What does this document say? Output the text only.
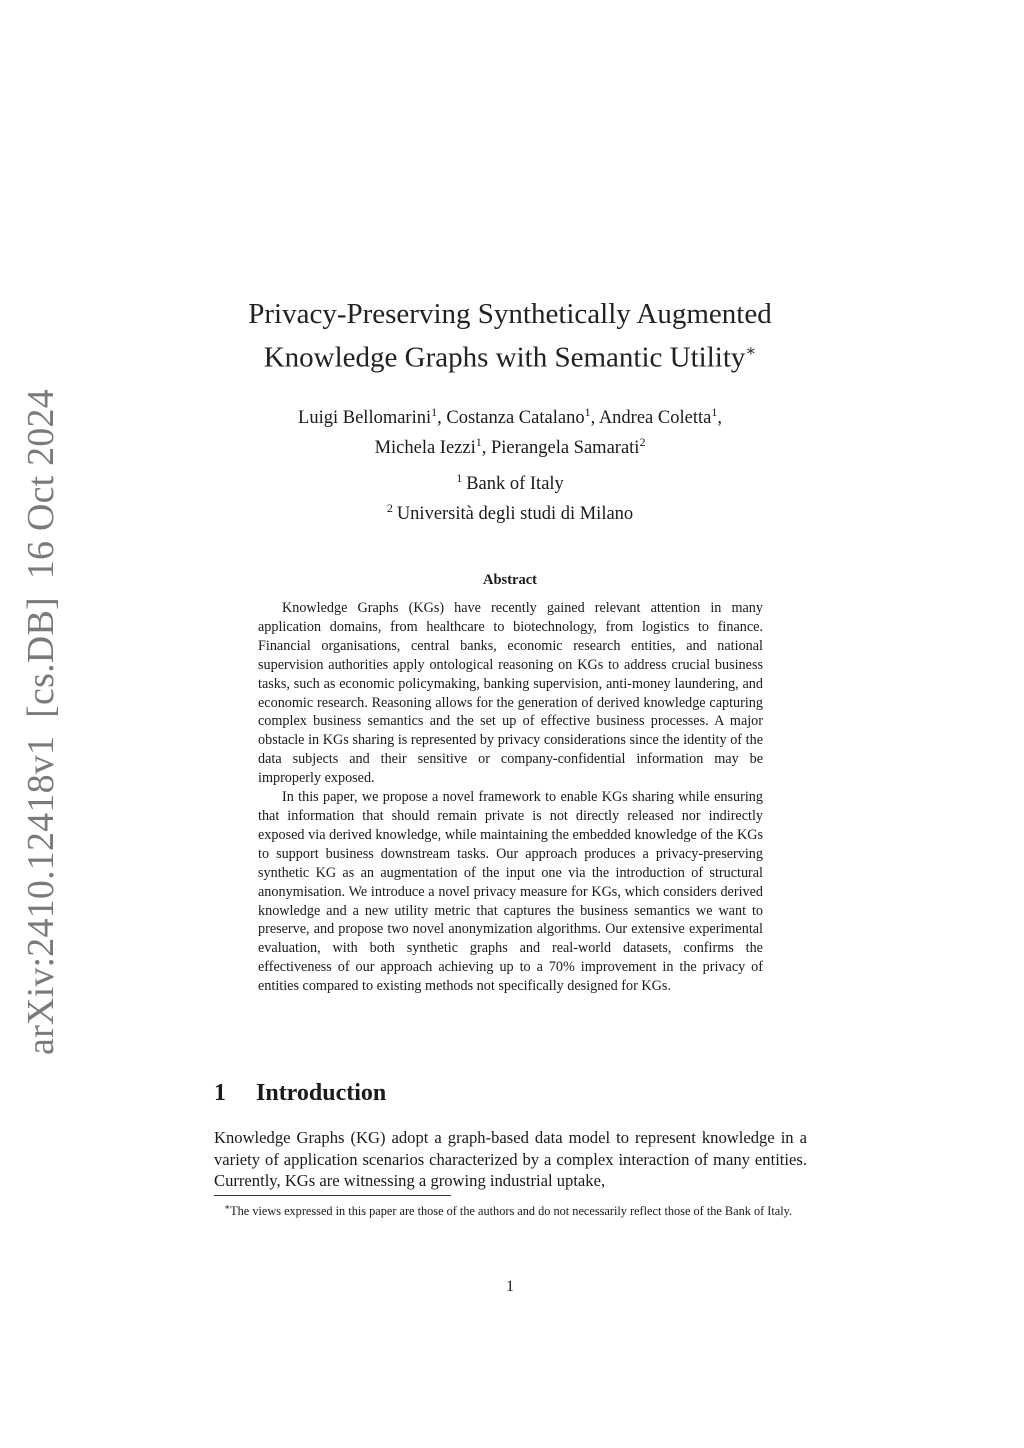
arXiv:2410.12418v1[cs.DB]16 Oct 2024
Privacy-Preserving Synthetically Augmented
Knowledge Graphs with Semantic Utility∗
Luigi Bellomarini$^1$, Costanza Catalano$^1$, Andrea Coletta$^1$,
Michela Iezzi$^1$, Pierangela Samarati$^2$
$^1$ Bank of Italy
$^2$ Università degli studi di Milano
Abstract

Knowledge Graphs (KGs) have recently gained relevant attention in many application domains, from healthcare to biotechnology, from logistics to finance. Financial organisations, central banks, economic research entities, and national supervision authorities apply ontological reasoning on KGs to address crucial business tasks, such as economic policymaking, banking supervision, anti-money laundering, and economic research. Reasoning allows for the generation of derived knowledge capturing complex business semantics and the set up of effective business processes. A major obstacle in KGs sharing is represented by privacy considerations since the identity of the data subjects and their sensitive or company-confidential information may be improperly exposed.

In this paper, we propose a novel framework to enable KGs sharing while ensuring that information that should remain private is not directly released nor indirectly exposed via derived knowledge, while maintaining the embedded knowledge of the KGs to support business downstream tasks. Our approach produces a privacy-preserving synthetic KG as an augmentation of the input one via the introduction of structural anonymisation. We introduce a novel privacy measure for KGs, which considers derived knowledge and a new utility metric that captures the business semantics we want to preserve, and propose two novel anonymization algorithms. Our extensive experimental evaluation, with both synthetic graphs and real-world datasets, confirms the effectiveness of our approach achieving up to a 70% improvement in the privacy of entities compared to existing methods not specifically designed for KGs.

1 Introduction

Knowledge Graphs (KG) adopt a graph-based data model to represent knowledge in a variety of application scenarios characterized by a complex interaction of many entities. Currently, KGs are witnessing a growing industrial uptake,

∗The views expressed in this paper are those of the authors and do not necessarily reflect those of the Bank of Italy.
1
